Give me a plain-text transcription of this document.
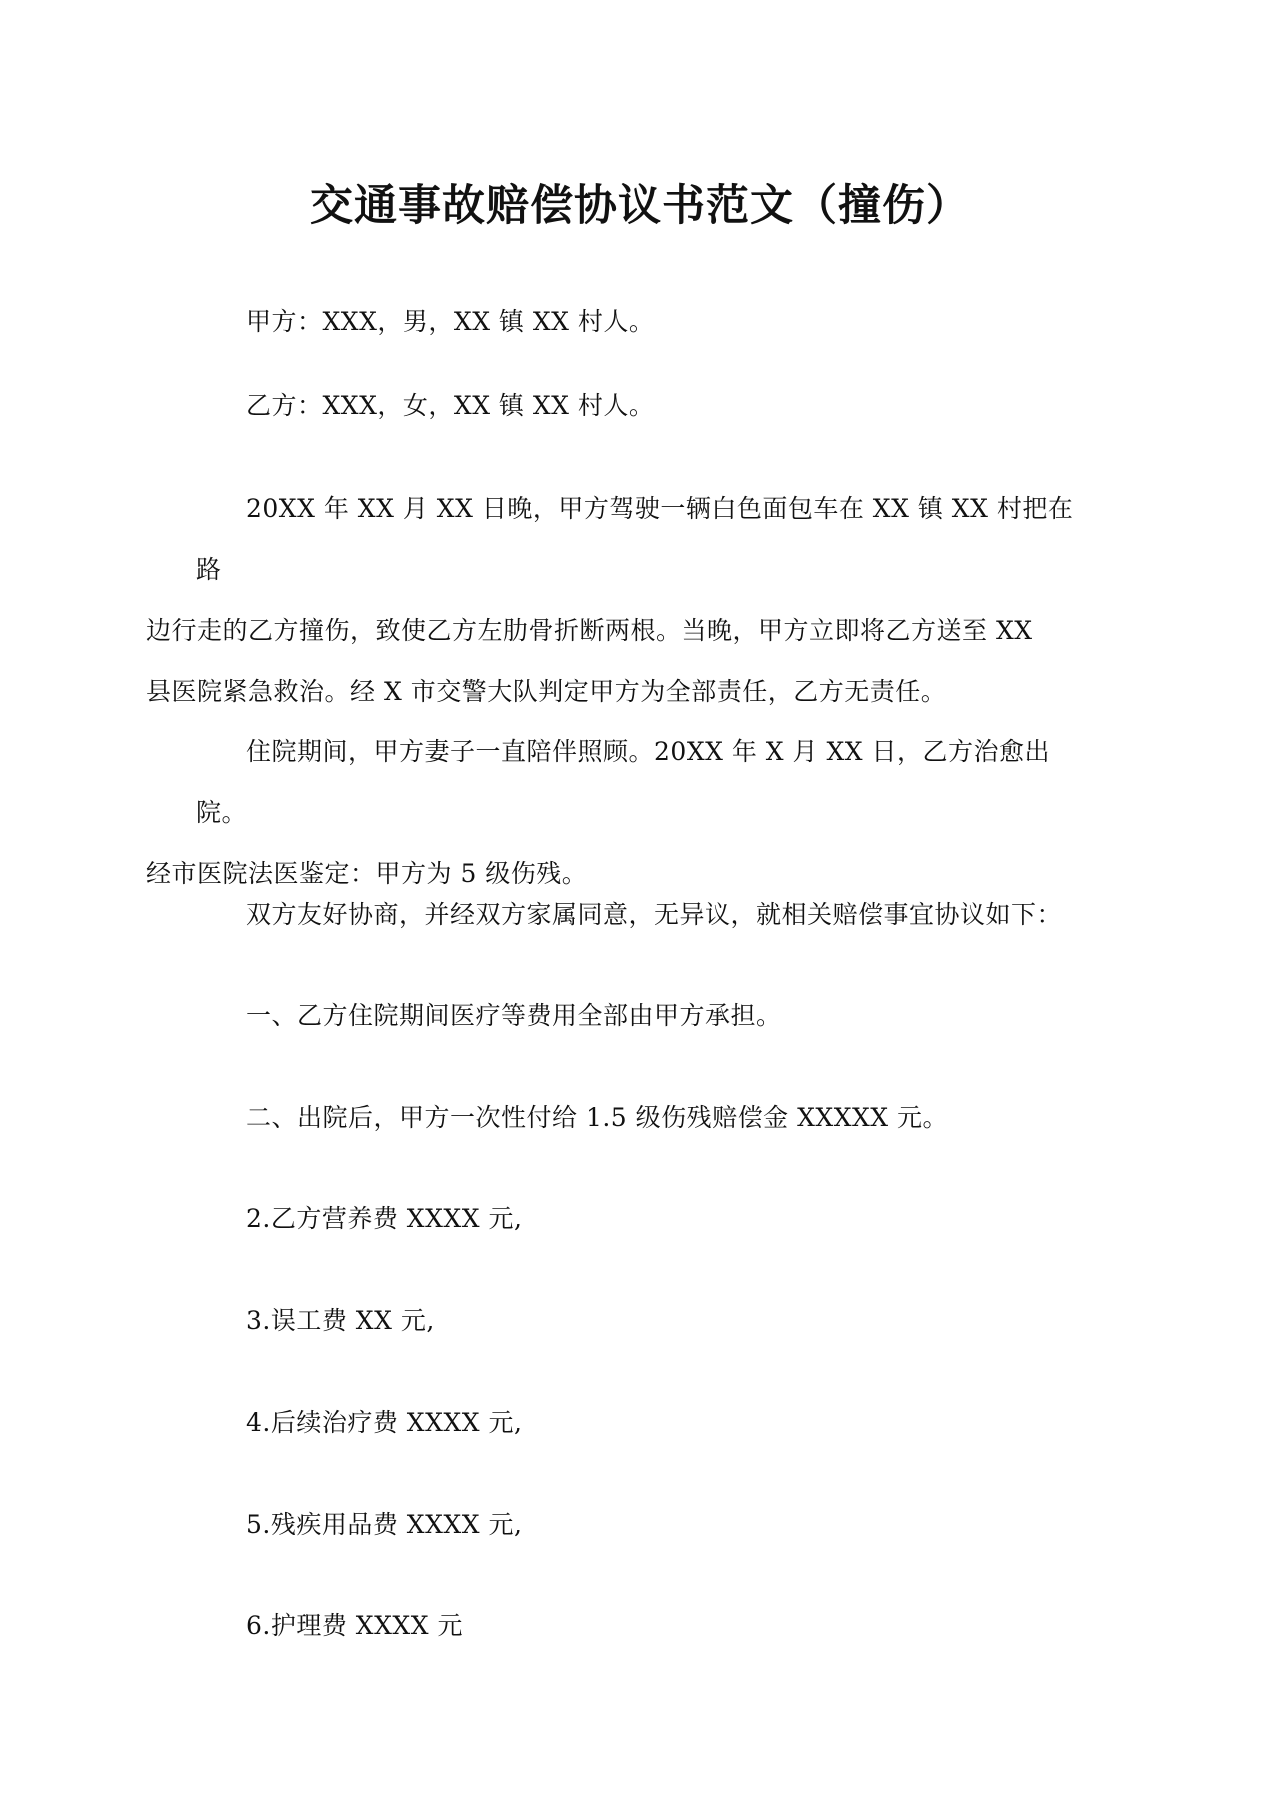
交通事故赔偿协议书范文（撞伤）
甲方：XXX，男，XX 镇 XX 村人。
乙方：XXX，女，XX 镇 XX 村人。
20XX 年 XX 月 XX 日晚，甲方驾驶一辆白色面包车在 XX 镇 XX 村把在路
边行走的乙方撞伤，致使乙方左肋骨折断两根。当晚，甲方立即将乙方送至 XX
县医院紧急救治。经 X 市交警大队判定甲方为全部责任，乙方无责任。
住院期间，甲方妻子一直陪伴照顾。20XX 年 X 月 XX 日，乙方治愈出院。
经市医院法医鉴定：甲方为 5 级伤残。
双方友好协商，并经双方家属同意，无异议，就相关赔偿事宜协议如下：
一、乙方住院期间医疗等费用全部由甲方承担。
二、出院后，甲方一次性付给 1.5 级伤残赔偿金 XXXXX 元。
2.乙方营养费 XXXX 元,
3.误工费 XX 元,
4.后续治疗费 XXXX 元,
5.残疾用品费 XXXX 元,
6.护理费 XXXX 元
